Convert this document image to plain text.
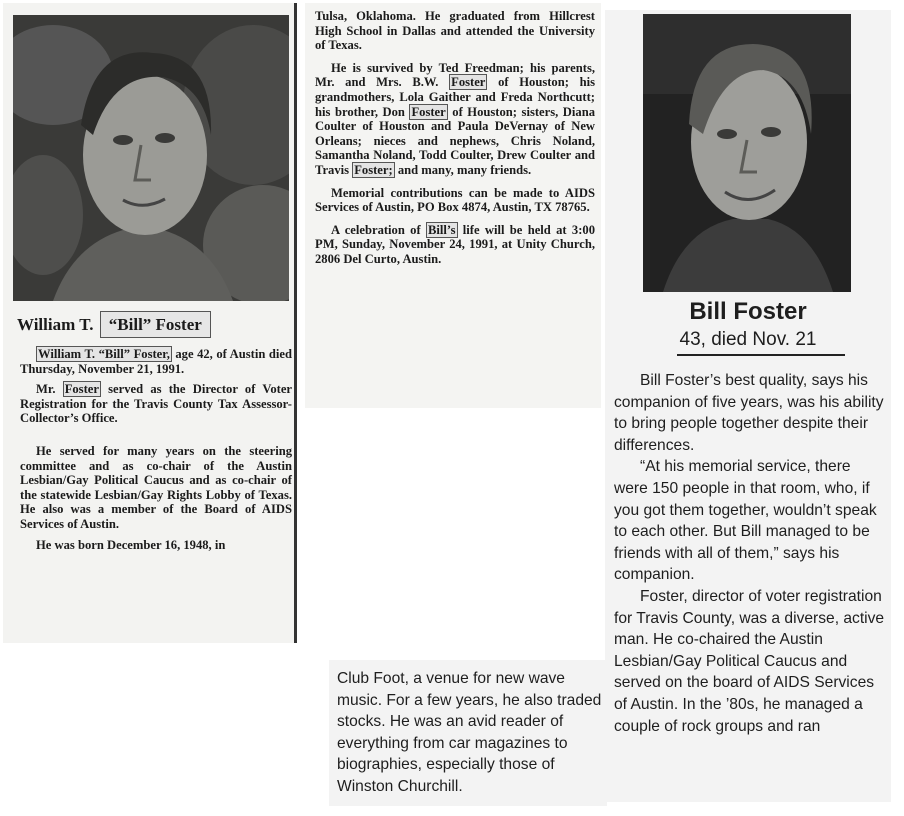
William T. “Bill” Foster

William T. “Bill” Foster, age 42, of Austin died Thursday, November 21, 1991.

Mr. Foster served as the Director of Voter Registration for the Travis County Tax Assessor-Collector’s Office.

He served for many years on the steering committee and as co-chair of the Austin Lesbian/Gay Political Caucus and as co-chair of the statewide Lesbian/Gay Rights Lobby of Texas. He also was a member of the Board of AIDS Services of Austin.

He was born December 16, 1948, in

Tulsa, Oklahoma. He graduated from Hillcrest High School in Dallas and attended the University of Texas.

He is survived by Ted Freedman; his parents, Mr. and Mrs. B.W. Foster of Houston; his grandmothers, Lola Gaither and Freda Northcutt; his brother, Don Foster of Houston; sisters, Diana Coulter of Houston and Paula DeVernay of New Orleans; nieces and nephews, Chris Noland, Samantha Noland, Todd Coulter, Drew Coulter and Travis Foster; and many, many friends.

Memorial contributions can be made to AIDS Services of Austin, PO Box 4874, Austin, TX 78765.

A celebration of Bill’s life will be held at 3:00 PM, Sunday, November 24, 1991, at Unity Church, 2806 Del Curto, Austin.

Bill Foster
43, died Nov. 21

Bill Foster’s best quality, says his companion of five years, was his ability to bring people together despite their differences.

“At his memorial service, there were 150 people in that room, who, if you got them together, wouldn’t speak to each other. But Bill managed to be friends with all of them,” says his companion.

Foster, director of voter registration for Travis County, was a diverse, active man. He co-chaired the Austin Lesbian/Gay Political Caucus and served on the board of AIDS Services of Austin. In the ’80s, he managed a couple of rock groups and ran

Club Foot, a venue for new wave music. For a few years, he also traded stocks. He was an avid reader of everything from car magazines to biographies, especially those of Winston Churchill.
